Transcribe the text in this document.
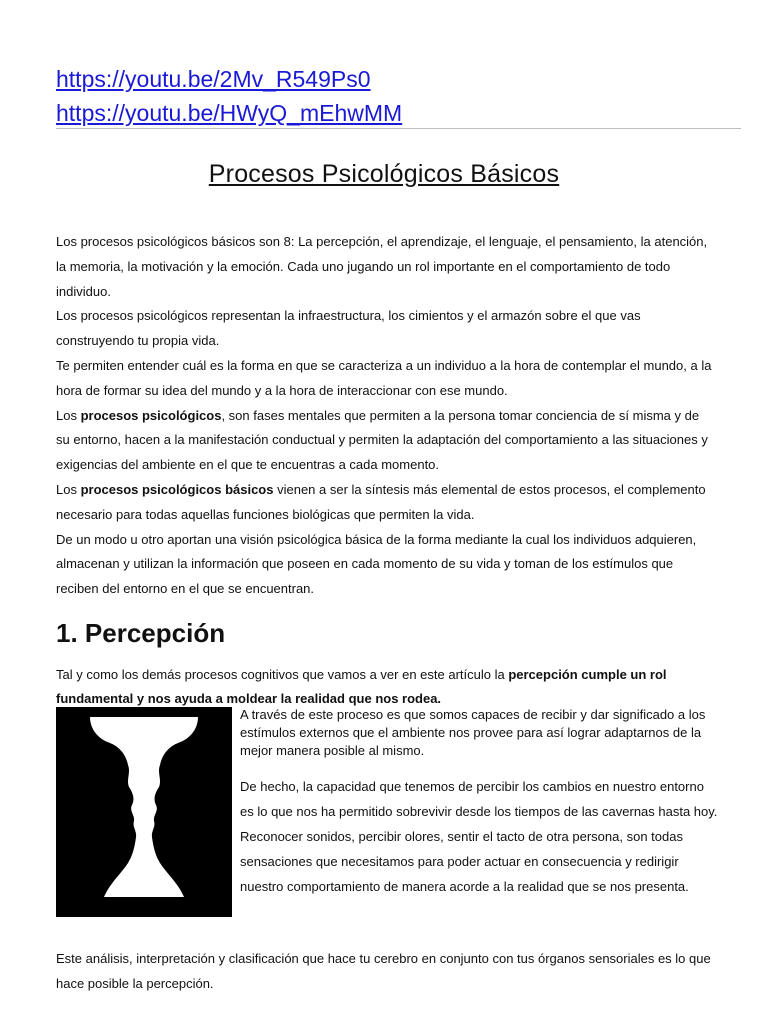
https://youtu.be/2Mv_R549Ps0
https://youtu.be/HWyQ_mEhwMM
Procesos Psicológicos Básicos

Los procesos psicológicos básicos son 8: La percepción, el aprendizaje, el lenguaje, el pensamiento, la atención, la memoria, la motivación y la emoción. Cada uno jugando un rol importante en el comportamiento de todo individuo.

Los procesos psicológicos representan la infraestructura, los cimientos y el armazón sobre el que vas construyendo tu propia vida.

Te permiten entender cuál es la forma en que se caracteriza a un individuo a la hora de contemplar el mundo, a la hora de formar su idea del mundo y a la hora de interaccionar con ese mundo.

Los procesos psicológicos, son fases mentales que permiten a la persona tomar conciencia de sí misma y de su entorno, hacen a la manifestación conductual y permiten la adaptación del comportamiento a las situaciones y exigencias del ambiente en el que te encuentras a cada momento.

Los procesos psicológicos básicos vienen a ser la síntesis más elemental de estos procesos, el complemento necesario para todas aquellas funciones biológicas que permiten la vida.

De un modo u otro aportan una visión psicológica básica de la forma mediante la cual los individuos adquieren, almacenan y utilizan la información que poseen en cada momento de su vida y toman de los estímulos que reciben del entorno en el que se encuentran.

1. Percepción

Tal y como los demás procesos cognitivos que vamos a ver en este artículo la percepción cumple un rol fundamental y nos ayuda a moldear la realidad que nos rodea.

A través de este proceso es que somos capaces de recibir y dar significado a los estímulos externos que el ambiente nos provee para así lograr adaptarnos de la mejor manera posible al mismo.

De hecho, la capacidad que tenemos de percibir los cambios en nuestro entorno es lo que nos ha permitido sobrevivir desde los tiempos de las cavernas hasta hoy.

Reconocer sonidos, percibir olores, sentir el tacto de otra persona, son todas sensaciones que necesitamos para poder actuar en consecuencia y redirigir nuestro comportamiento de manera acorde a la realidad que se nos presenta.

Este análisis, interpretación y clasificación que hace tu cerebro en conjunto con tus órganos sensoriales es lo que hace posible la percepción.
